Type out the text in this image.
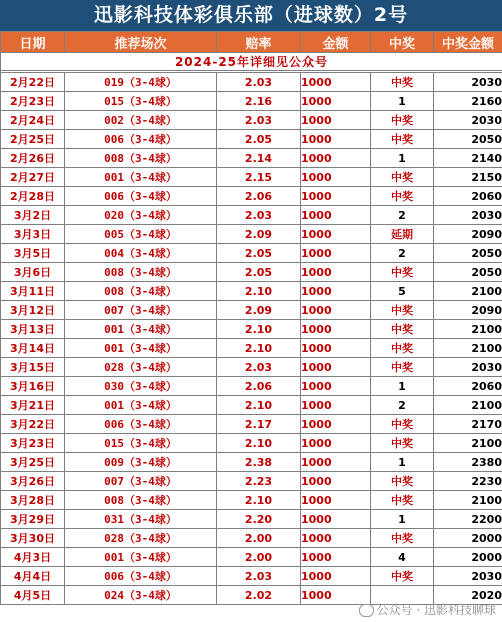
迅影科技体彩俱乐部（进球数）2号
日期	推荐场次	赔率	金额	中奖	中奖金额
2024-25年详细见公众号					

2月22日	019（3-4球）	2.03	1000	中奖	2030
2月23日	015（3-4球）	2.16	1000	1	2160
2月24日	002（3-4球）	2.03	1000	中奖	2030
2月25日	006（3-4球）	2.05	1000	中奖	2050
2月26日	008（3-4球）	2.14	1000	1	2140
2月27日	001（3-4球）	2.15	1000	中奖	2150
2月28日	006（3-4球）	2.06	1000	中奖	2060
3月2日	020（3-4球）	2.03	1000	2	2030
3月3日	005（3-4球）	2.09	1000	延期	2090
3月5日	004（3-4球）	2.05	1000	2	2050
3月6日	008（3-4球）	2.05	1000	中奖	2050
3月11日	008（3-4球）	2.10	1000	5	2100
3月12日	007（3-4球）	2.09	1000	中奖	2090
3月13日	001（3-4球）	2.10	1000	中奖	2100
3月14日	001（3-4球）	2.10	1000	中奖	2100
3月15日	028（3-4球）	2.03	1000	中奖	2030
3月16日	030（3-4球）	2.06	1000	1	2060
3月21日	001（3-4球）	2.10	1000	2	2100
3月22日	006（3-4球）	2.17	1000	中奖	2170
3月23日	015（3-4球）	2.10	1000	中奖	2100
3月25日	009（3-4球）	2.38	1000	1	2380
3月26日	007（3-4球）	2.23	1000	中奖	2230
3月28日	008（3-4球）	2.10	1000	中奖	2100
3月29日	031（3-4球）	2.20	1000	1	2200
3月30日	028（3-4球）	2.00	1000	中奖	2000
4月3日	001（3-4球）	2.00	1000	4	2000
4月4日	006（3-4球）	2.03	1000	中奖	2030
4月5日	024（3-4球）	2.02	1000		2020
公众号 · 迅影科技聊球
